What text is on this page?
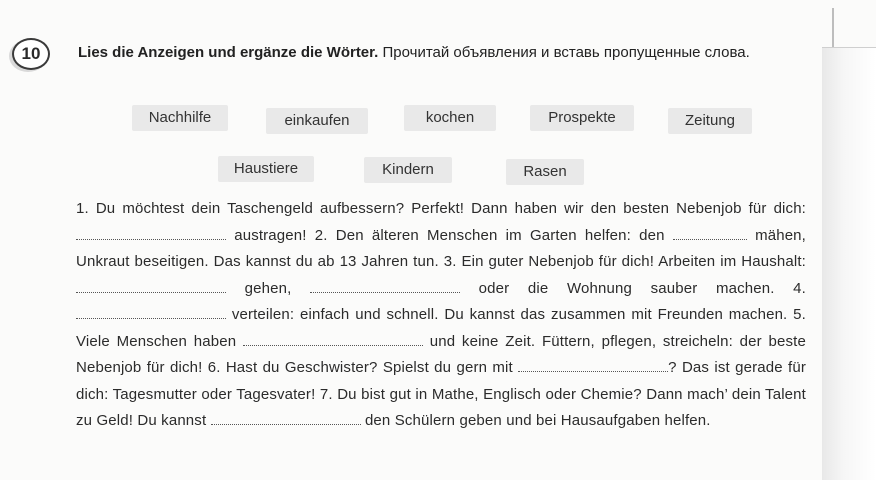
10	Lies die Anzeigen und ergänze die Wörter. Прочитай объявления и вставь пропущенные слова.
Nachhilfe	einkaufen	kochen	Prospekte	Zeitung
Haustiere	Kindern	Rasen
1. Du möchtest dein Taschengeld aufbessern? Perfekt! Dann haben wir den besten Nebenjob für dich:  austragen! 2. Den älteren Menschen im Garten helfen: den	mähen, Unkraut beseitigen. Das kannst du ab 13 Jahren tun. 3. Ein guter Nebenjob für dich! Arbeiten im Haushalt:  gehen,	oder die Wohnung sauber machen. 4.  verteilen: einfach und schnell. Du kannst das zusammen mit Freunden machen. 5. Viele Menschen haben	und keine Zeit. Füttern, pflegen, streicheln: der beste Nebenjob für dich! 6. Hast du Geschwister? Spielst du gern mit	? Das ist gerade für dich: Tagesmutter oder Tagesvater! 7. Du bist gut in Mathe, Englisch oder Chemie? Dann mach’ dein Talent zu Geld! Du kannst	den Schülern geben und bei Hausaufgaben helfen.
